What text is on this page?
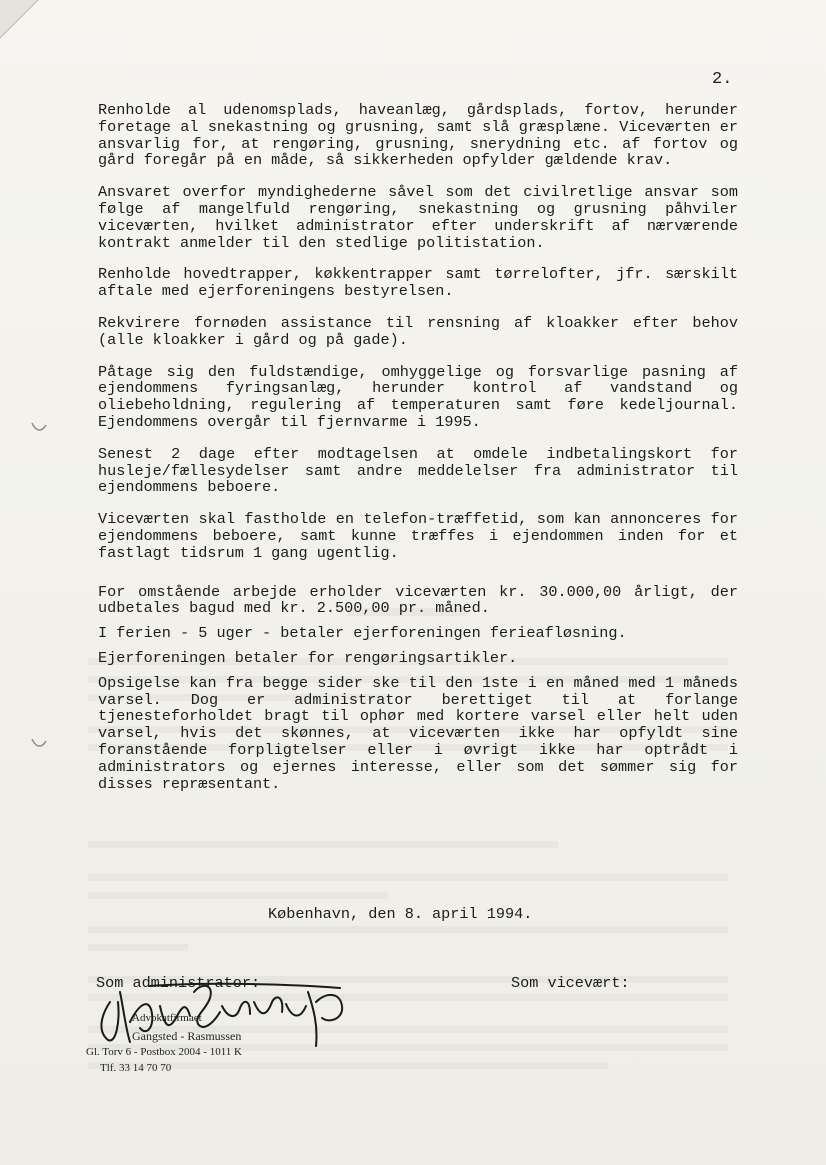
2.

Renholde al udenomsplads, haveanlæg, gårdsplads, fortov, herunder foretage al snekastning og grusning, samt slå græsplæne. Viceværten er ansvarlig for, at rengøring, grusning, snerydning etc. af fortov og gård foregår på en måde, så sikkerheden opfylder gældende krav.

Ansvaret overfor myndighederne såvel som det civilretlige ansvar som følge af mangelfuld rengøring, snekastning og grusning påhviler viceværten, hvilket administrator efter underskrift af nærværende kontrakt anmelder til den stedlige politistation.

Renholde hovedtrapper, køkkentrapper samt tørrelofter, jfr. særskilt aftale med ejerforeningens bestyrelsen.

Rekvirere fornøden assistance til rensning af kloakker efter behov (alle kloakker i gård og på gade).

Påtage sig den fuldstændige, omhyggelige og forsvarlige pasning af ejendommens fyringsanlæg, herunder kontrol af vandstand og oliebeholdning, regulering af temperaturen samt føre kedeljournal. Ejendommens overgår til fjernvarme i 1995.

Senest 2 dage efter modtagelsen at omdele indbetalingskort for husleje/fællesydelser samt andre meddelelser fra administrator til ejendommens beboere.

Viceværten skal fastholde en telefon-træffetid, som kan annonceres for ejendommens beboere, samt kunne træffes i ejendommen inden for et fastlagt tidsrum 1 gang ugentlig.

For omstående arbejde erholder viceværten kr. 30.000,00 årligt, der udbetales bagud med kr. 2.500,00 pr. måned.

I ferien - 5 uger - betaler ejerforeningen ferieafløsning.

Ejerforeningen betaler for rengøringsartikler.

Opsigelse kan fra begge sider ske til den 1ste i en måned med 1 måneds varsel. Dog er administrator berettiget til at forlange tjenesteforholdet bragt til ophør med kortere varsel eller helt uden varsel, hvis det skønnes, at viceværten ikke har opfyldt sine foranstående forpligtelser eller i øvrigt ikke har optrådt i administrators og ejernes interesse, eller som det sømmer sig for disses repræsentant.

København, den 8. april 1994.
Som administrator:	Som vicevært:
Advokatfirmaet
Gangsted - Rasmussen
Gl. Torv 6 - Postbox 2004 - 1011 K
Tlf. 33 14 70 70
